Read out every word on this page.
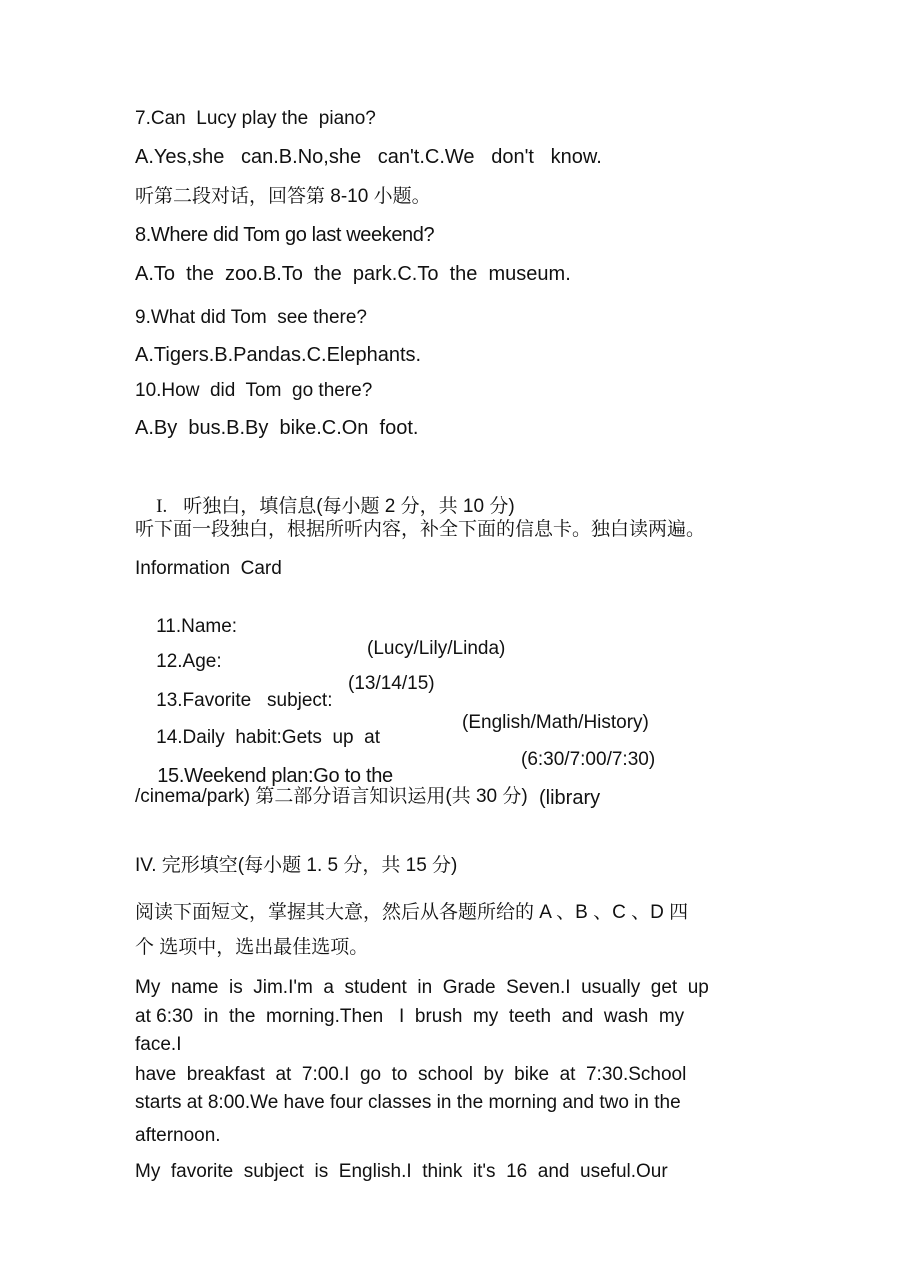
7.Can  Lucy play the  piano?
A.Yes,she   can.B.No,she   can't.C.We   don't   know.
听第二段对话，回答第 8-10 小题。
8.Where did Tom go last weekend?
A.To  the  zoo.B.To  the  park.C.To  the  museum.
9.What did Tom  see there?
A.Tigers.B.Pandas.C.Elephants.
10.How  did  Tom  go there?
A.By  bus.B.By  bike.C.On  foot.

I. 听独白，填信息(每小题 2 分，共 10 分)

听下面一段独白，根据所听内容，补全下面的信息卡。独白读两遍。
Information  Card

11.Name:

(Lucy/Lily/Linda)

12.Age:

(13/14/15)

13.Favorite   subject:

(English/Math/History)

14.Daily  habit:Gets  up  at

(6:30/7:00/7:30)

15.Weekend plan:Go to the

(library

/cinema/park) 第二部分语言知识运用(共 30 分)
IV. 完形填空(每小题 1. 5 分，共 15 分)
阅读下面短文，掌握其大意，然后从各题所给的 A 、B 、C 、D 四
个 选项中，选出最佳选项。
My  name  is  Jim.I'm  a  student  in  Grade  Seven.I  usually  get  up
at 6:30  in  the  morning.Then   I  brush  my  teeth  and  wash  my
face.I
have  breakfast  at  7:00.I  go  to  school  by  bike  at  7:30.School
starts at 8:00.We have four classes in the morning and two in the
afternoon.
My  favorite  subject  is  English.I  think  it's  16  and  useful.Our
